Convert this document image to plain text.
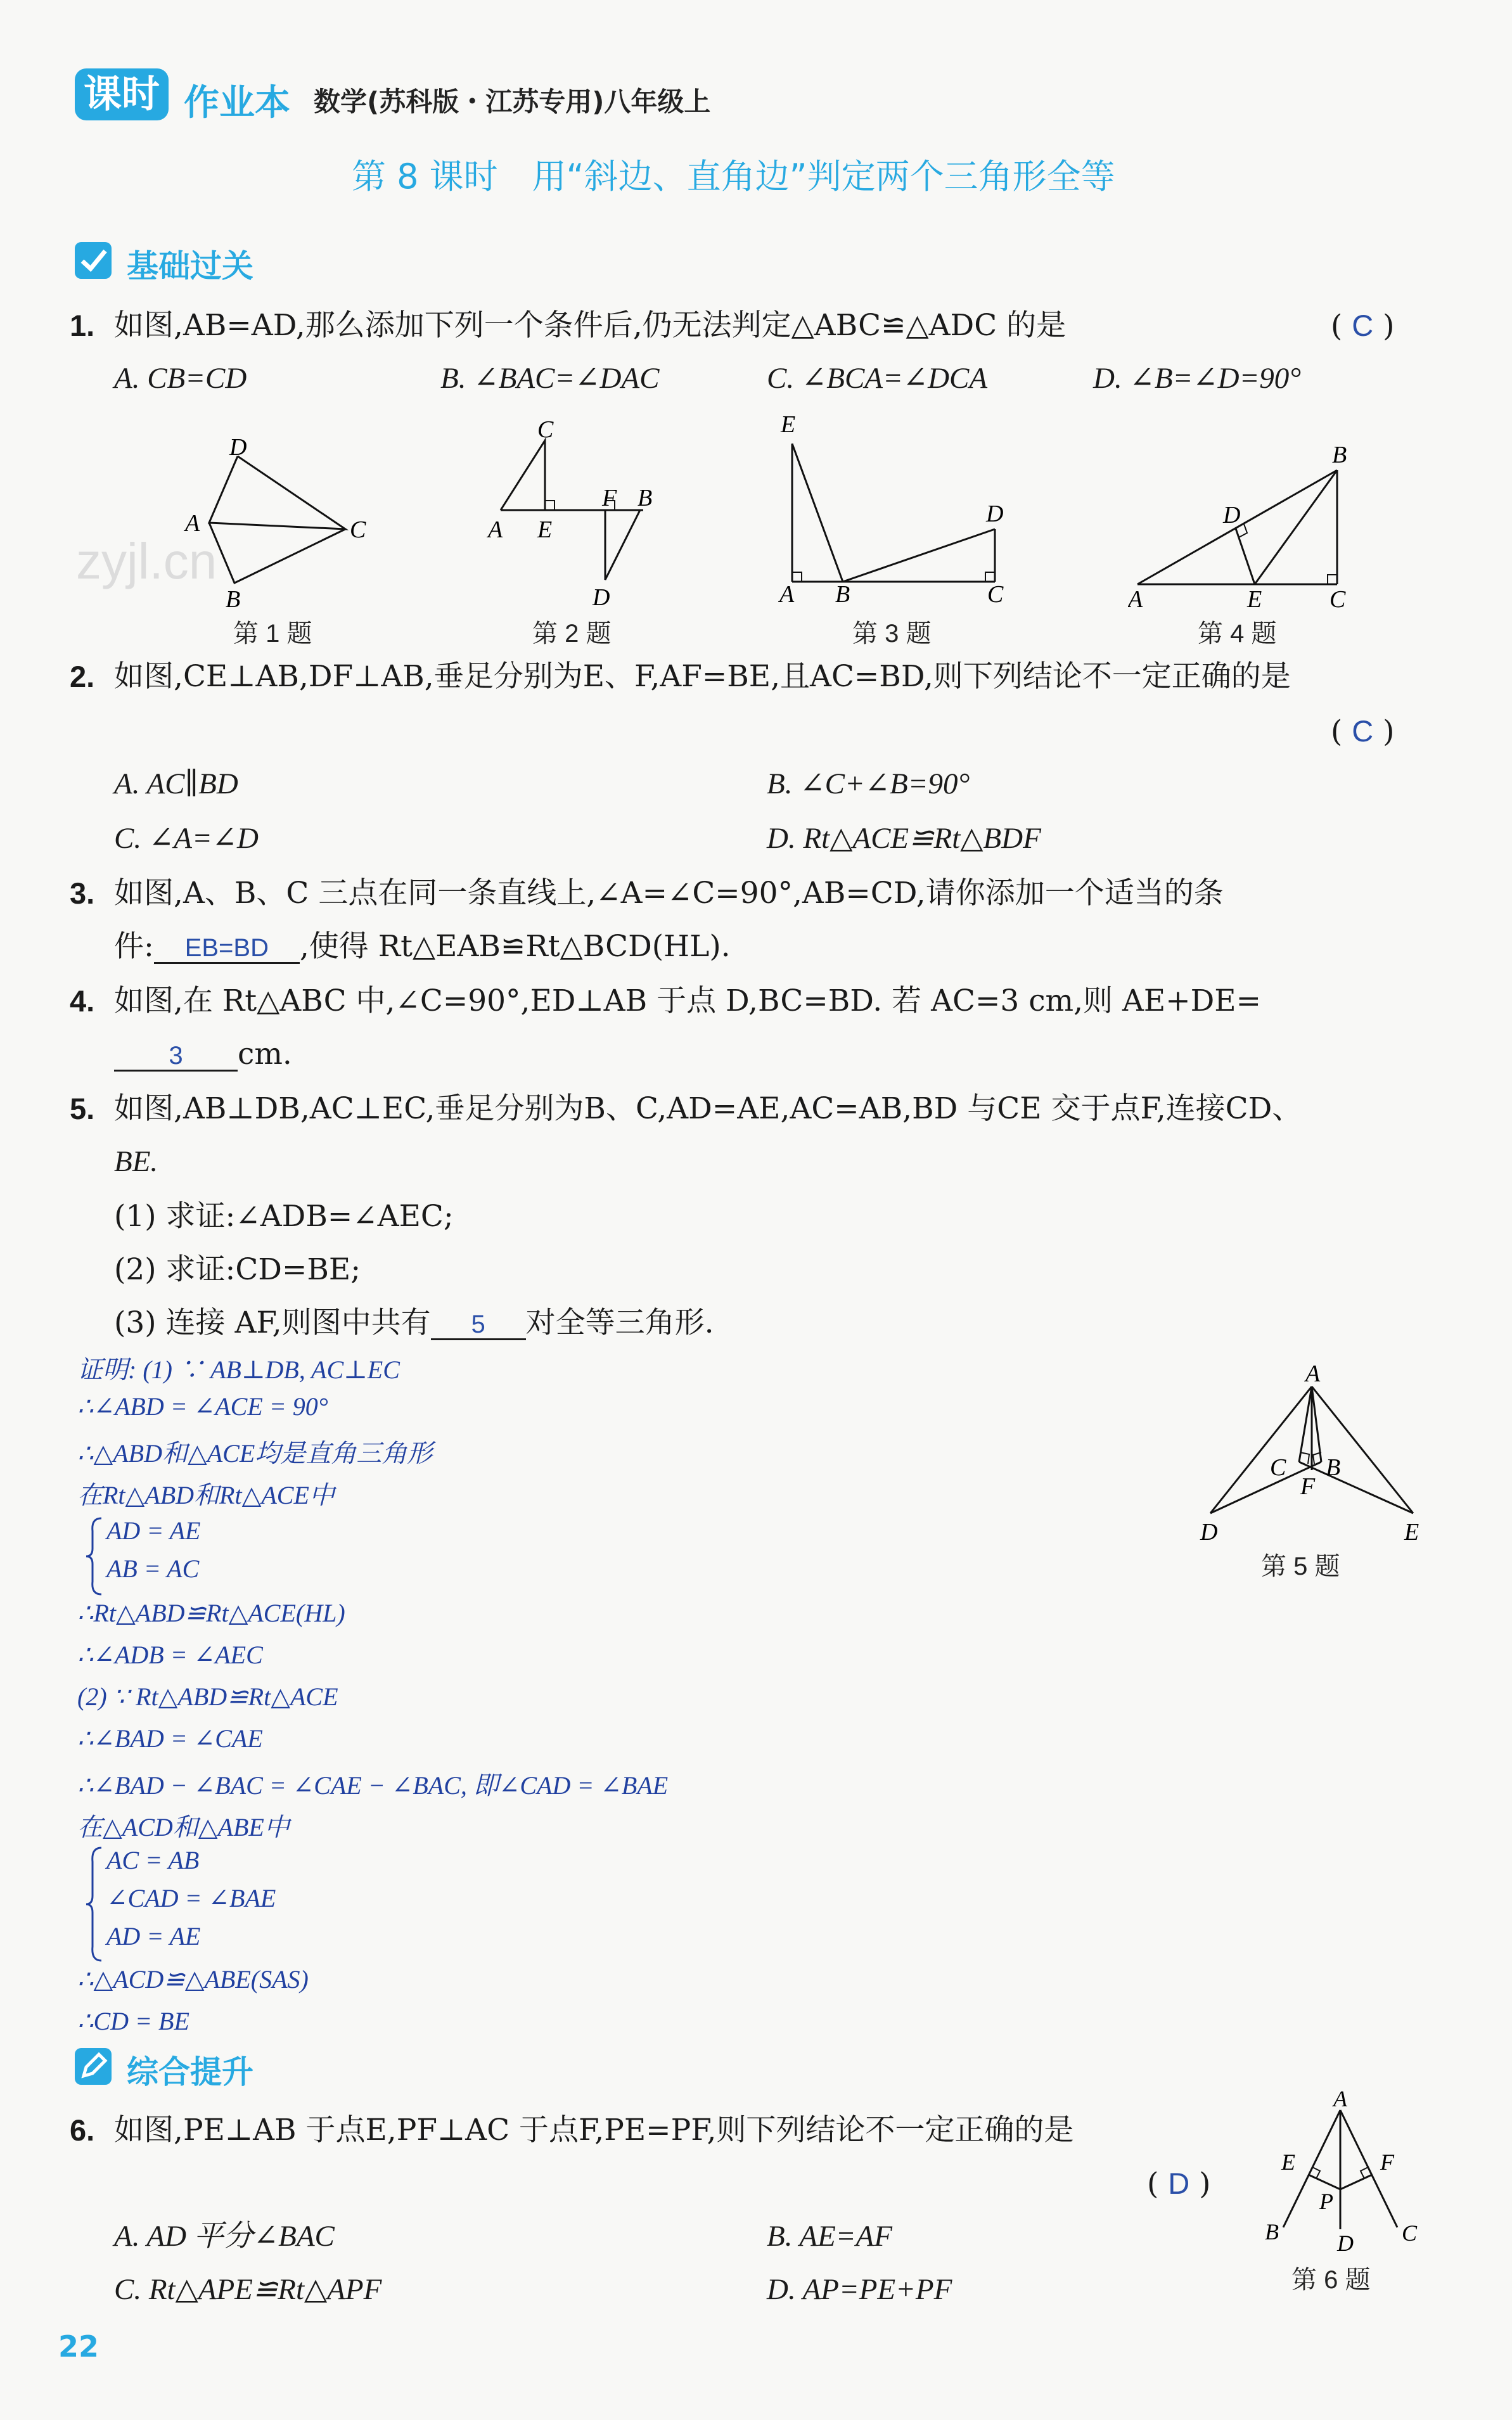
课时 作业本 数学(苏科版・江苏专用)八年级上
第 8 课时　用“斜边、直角边”判定两个三角形全等
基础过关
zyjl.cn
1. 如图,AB=AD,那么添加下列一个条件后,仍无法判定△ABC≌△ADC 的是	( C )
A. CB=CD	B. ∠BAC=∠DAC	C. ∠BCA=∠DCA	D. ∠B=∠D=90°
D
A	C
B
第 1 题
C
A E
F B
D
第 2 题
E
D
A B	C
第 3 题
B
D
A	E	C
第 4 题
2. 如图,CE⊥AB,DF⊥AB,垂足分别为E、F,AF=BE,且AC=BD,则下列结论不一定正确的是
( C )
A. AC∥BD	B. ∠C+∠B=90°
C. ∠A=∠D	D. Rt△ACE≌Rt△BDF
3. 如图,A、B、C 三点在同一条直线上,∠A=∠C=90°,AB=CD,请你添加一个适当的条
件: EB=BD ,使得 Rt△EAB≌Rt△BCD(HL).
4. 如图,在 Rt△ABC 中,∠C=90°,ED⊥AB 于点 D,BC=BD. 若 AC=3 cm,则 AE+DE=
3 cm.
5. 如图,AB⊥DB,AC⊥EC,垂足分别为B、C,AD=AE,AC=AB,BD 与CE 交于点F,连接CD、
BE.
(1) 求证:∠ADB=∠AEC;
(2) 求证:CD=BE;
(3) 连接 AF,则图中共有 5 对全等三角形.
证明: (1) ∵ AB⊥DB, AC⊥EC
∴∠ABD = ∠ACE = 90°
∴△ABD和△ACE均是直角三角形
在Rt△ABD和Rt△ACE中
AD = AE
AB = AC
∴Rt△ABD≌Rt△ACE(HL)
∴∠ADB = ∠AEC
(2) ∵ Rt△ABD≌Rt△ACE
∴∠BAD = ∠CAE
∴∠BAD − ∠BAC = ∠CAE − ∠BAC, 即∠CAD = ∠BAE
在△ACD和△ABE中
AC = AB
∠CAD = ∠BAE
AD = AE
∴△ACD≌△ABE(SAS)
∴CD = BE
A
C B
F
D	E
第 5 题
综合提升
6. 如图,PE⊥AB 于点E,PF⊥AC 于点F,PE=PF,则下列结论不一定正确的是
( D )
A. AD 平分∠BAC	B. AE=AF
C. Rt△APE≌Rt△APF	D. AP=PE+PF
A
E	F
P
B	D C
第 6 题
22
